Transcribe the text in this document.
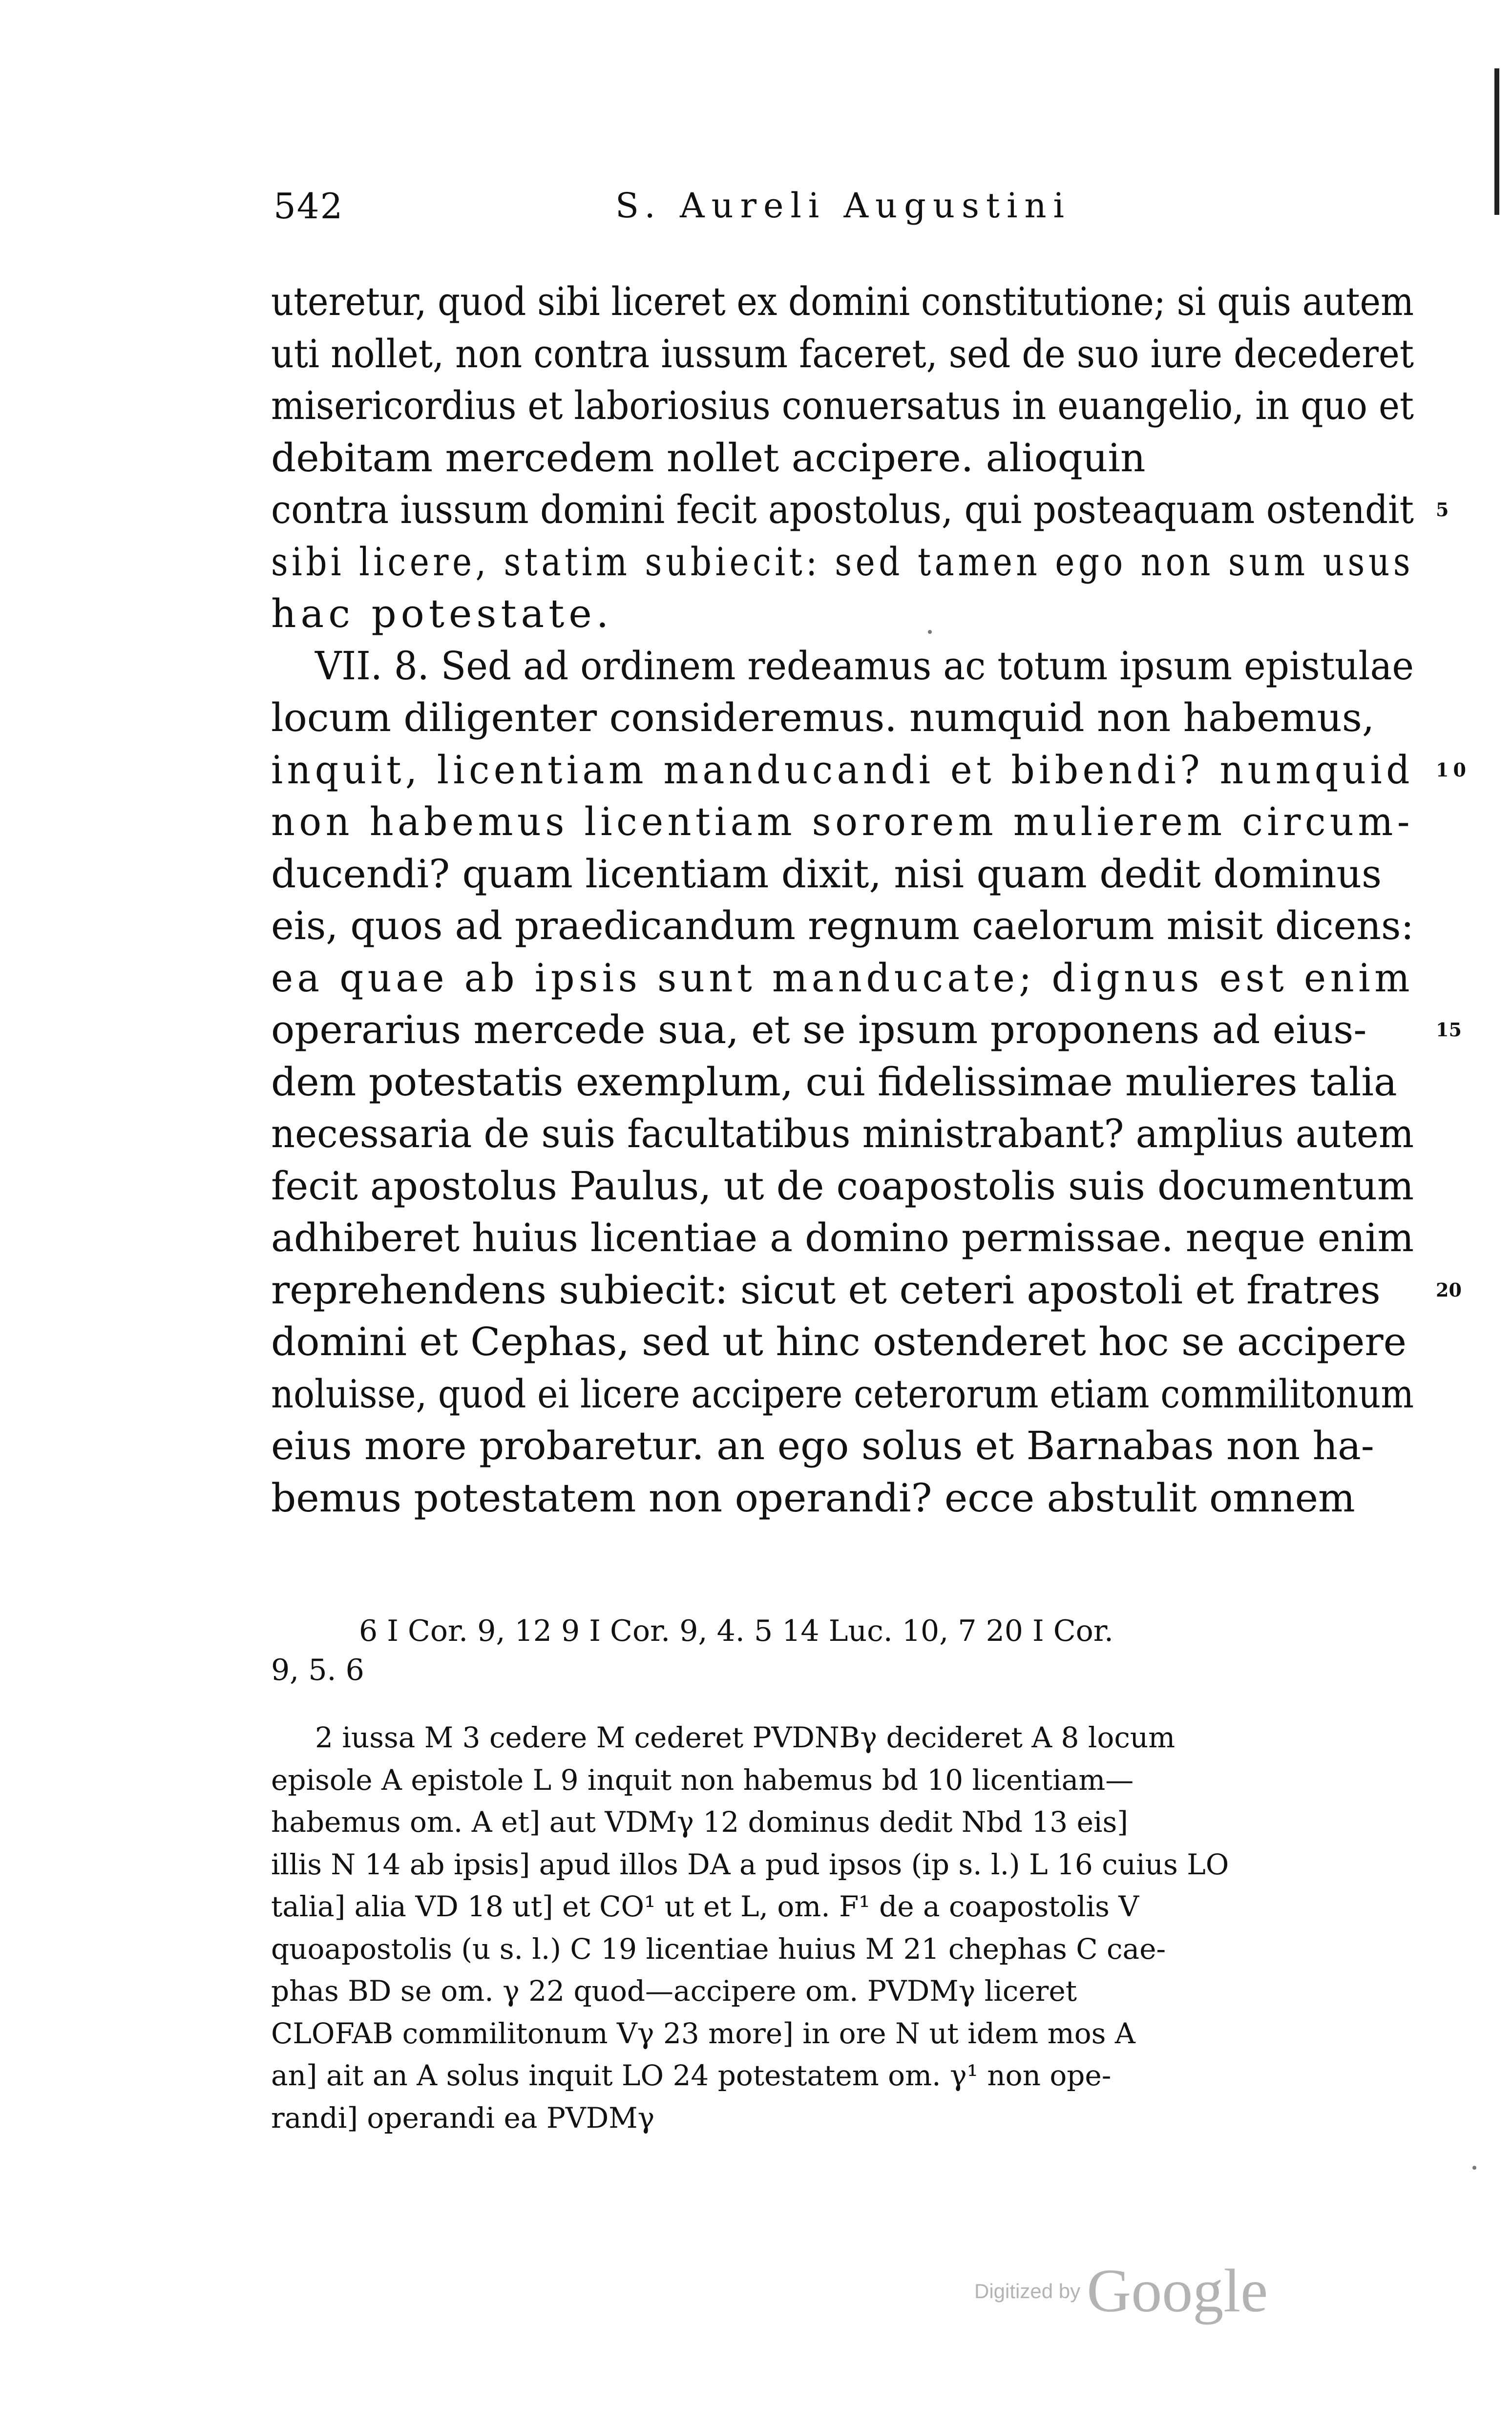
542	S. Aureli Augustini
uteretur, quod sibi liceret ex domini constitutione; si quis autem
uti nollet, non contra iussum faceret, sed de suo iure decederet
misericordius et laboriosius conuersatus in euangelio, in quo et
debitam mercedem nollet accipere. alioquin
contra iussum domini fecit apostolus, qui posteaquam ostendit 5
sibi licere, statim subiecit: sed tamen ego non sum usus
hac potestate.
VII. 8. Sed ad ordinem redeamus ac totum ipsum epistulae
locum diligenter consideremus. numquid non habemus,
inquit, licentiam manducandi et bibendi? numquid 10
non habemus licentiam sororem mulierem circum-
ducendi? quam licentiam dixit, nisi quam dedit dominus
eis, quos ad praedicandum regnum caelorum misit dicens:
ea quae ab ipsis sunt manducate; dignus est enim
operarius mercede sua, et se ipsum proponens ad eius-	15
dem potestatis exemplum, cui fidelissimae mulieres talia
necessaria de suis facultatibus ministrabant? amplius autem
fecit apostolus Paulus, ut de coapostolis suis documentum
adhiberet huius licentiae a domino permissae. neque enim
reprehendens subiecit: sicut et ceteri apostoli et fratres	20
domini et Cephas, sed ut hinc ostenderet hoc se accipere
noluisse, quod ei licere accipere ceterorum etiam commilitonum
eius more probaretur. an ego solus et Barnabas non ha-
bemus potestatem non operandi? ecce abstulit omnem
6 I Cor. 9, 12 9 I Cor. 9, 4. 5 14 Luc. 10, 7 20 I Cor.
9, 5. 6
2 iussa M 3 cedere M cederet PVDNBγ decideret A 8 locum
episole A epistole L 9 inquit non habemus bd 10 licentiam—
habemus om. A et] aut VDMγ 12 dominus dedit Nbd 13 eis]
illis N 14 ab ipsis] apud illos DA a pud ipsos (ip s. l.) L 16 cuius LO
talia] alia VD 18 ut] et CO¹ ut et L, om. F¹ de a coapostolis V
quoapostolis (u s. l.) C 19 licentiae huius M 21 chephas C cae-
phas BD se om. γ 22 quod—accipere om. PVDMγ liceret
CLOFAB commilitonum Vγ 23 more] in ore N ut idem mos A
an] ait an A solus inquit LO 24 potestatem om. γ¹ non ope-
randi] operandi ea PVDMγ
Digitized by Google
